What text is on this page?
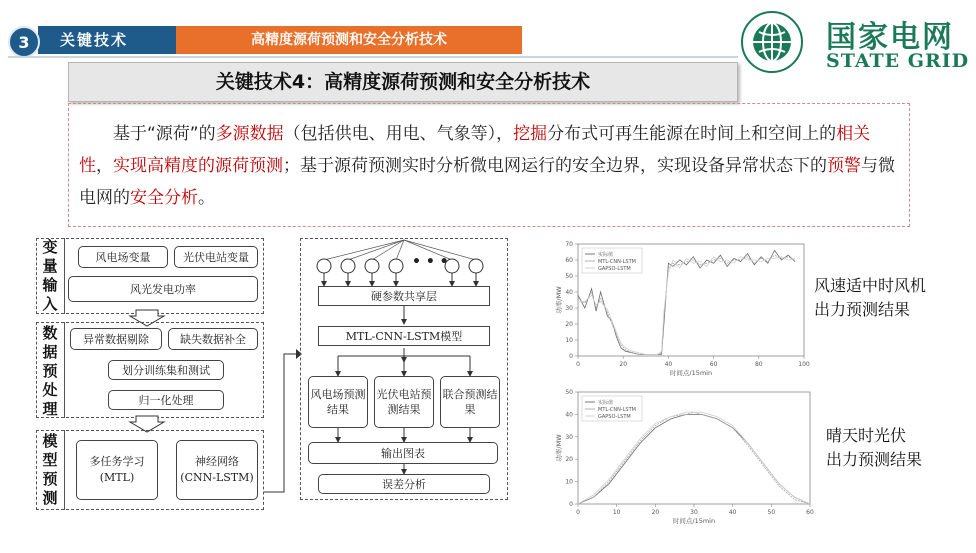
关键技术
3	高精度源荷预测和安全分析技术	国家电网
STATE GRID
关键技术4：高精度源荷预测和安全分析技术
基于“源荷”的多源数据（包括供电、用电、气象等），挖掘分布式可再生能源在时间上和空间上的相关性，实现高精度的源荷预测；基于源荷预测实时分析微电网运行的安全边界，实现设备异常状态下的预警与微电网的安全分析。
变
量
输
入
风电场变量	光伏电站变量
风光发电功率
数
据
预
处
理
异常数据剔除	缺失数据补全
划分训练集和测试
归一化处理
模
型
预
测
多任务学习
(MTL)
神经网络
(CNN-LSTM)
• • •
硬参数共享层
MTL-CNN-LSTM模型
风电场预测结果
光伏电站预测结果
联合预测结果
输出图表
误差分析
0	20	40	60	80	100
0
10
20
30
40
50
60
70
时间点/15min
功率/MW
实际值
MTL-CNN-LSTM
GAPSO-LSTM
0	10	20	30	40	50	60
0
10
20
30
40
50
时间点/15min
功率/MW
实际值
MTL-CNN-LSTM
GAPSO-LSTM
风速适中时风机
出力预测结果
晴天时光伏
出力预测结果
